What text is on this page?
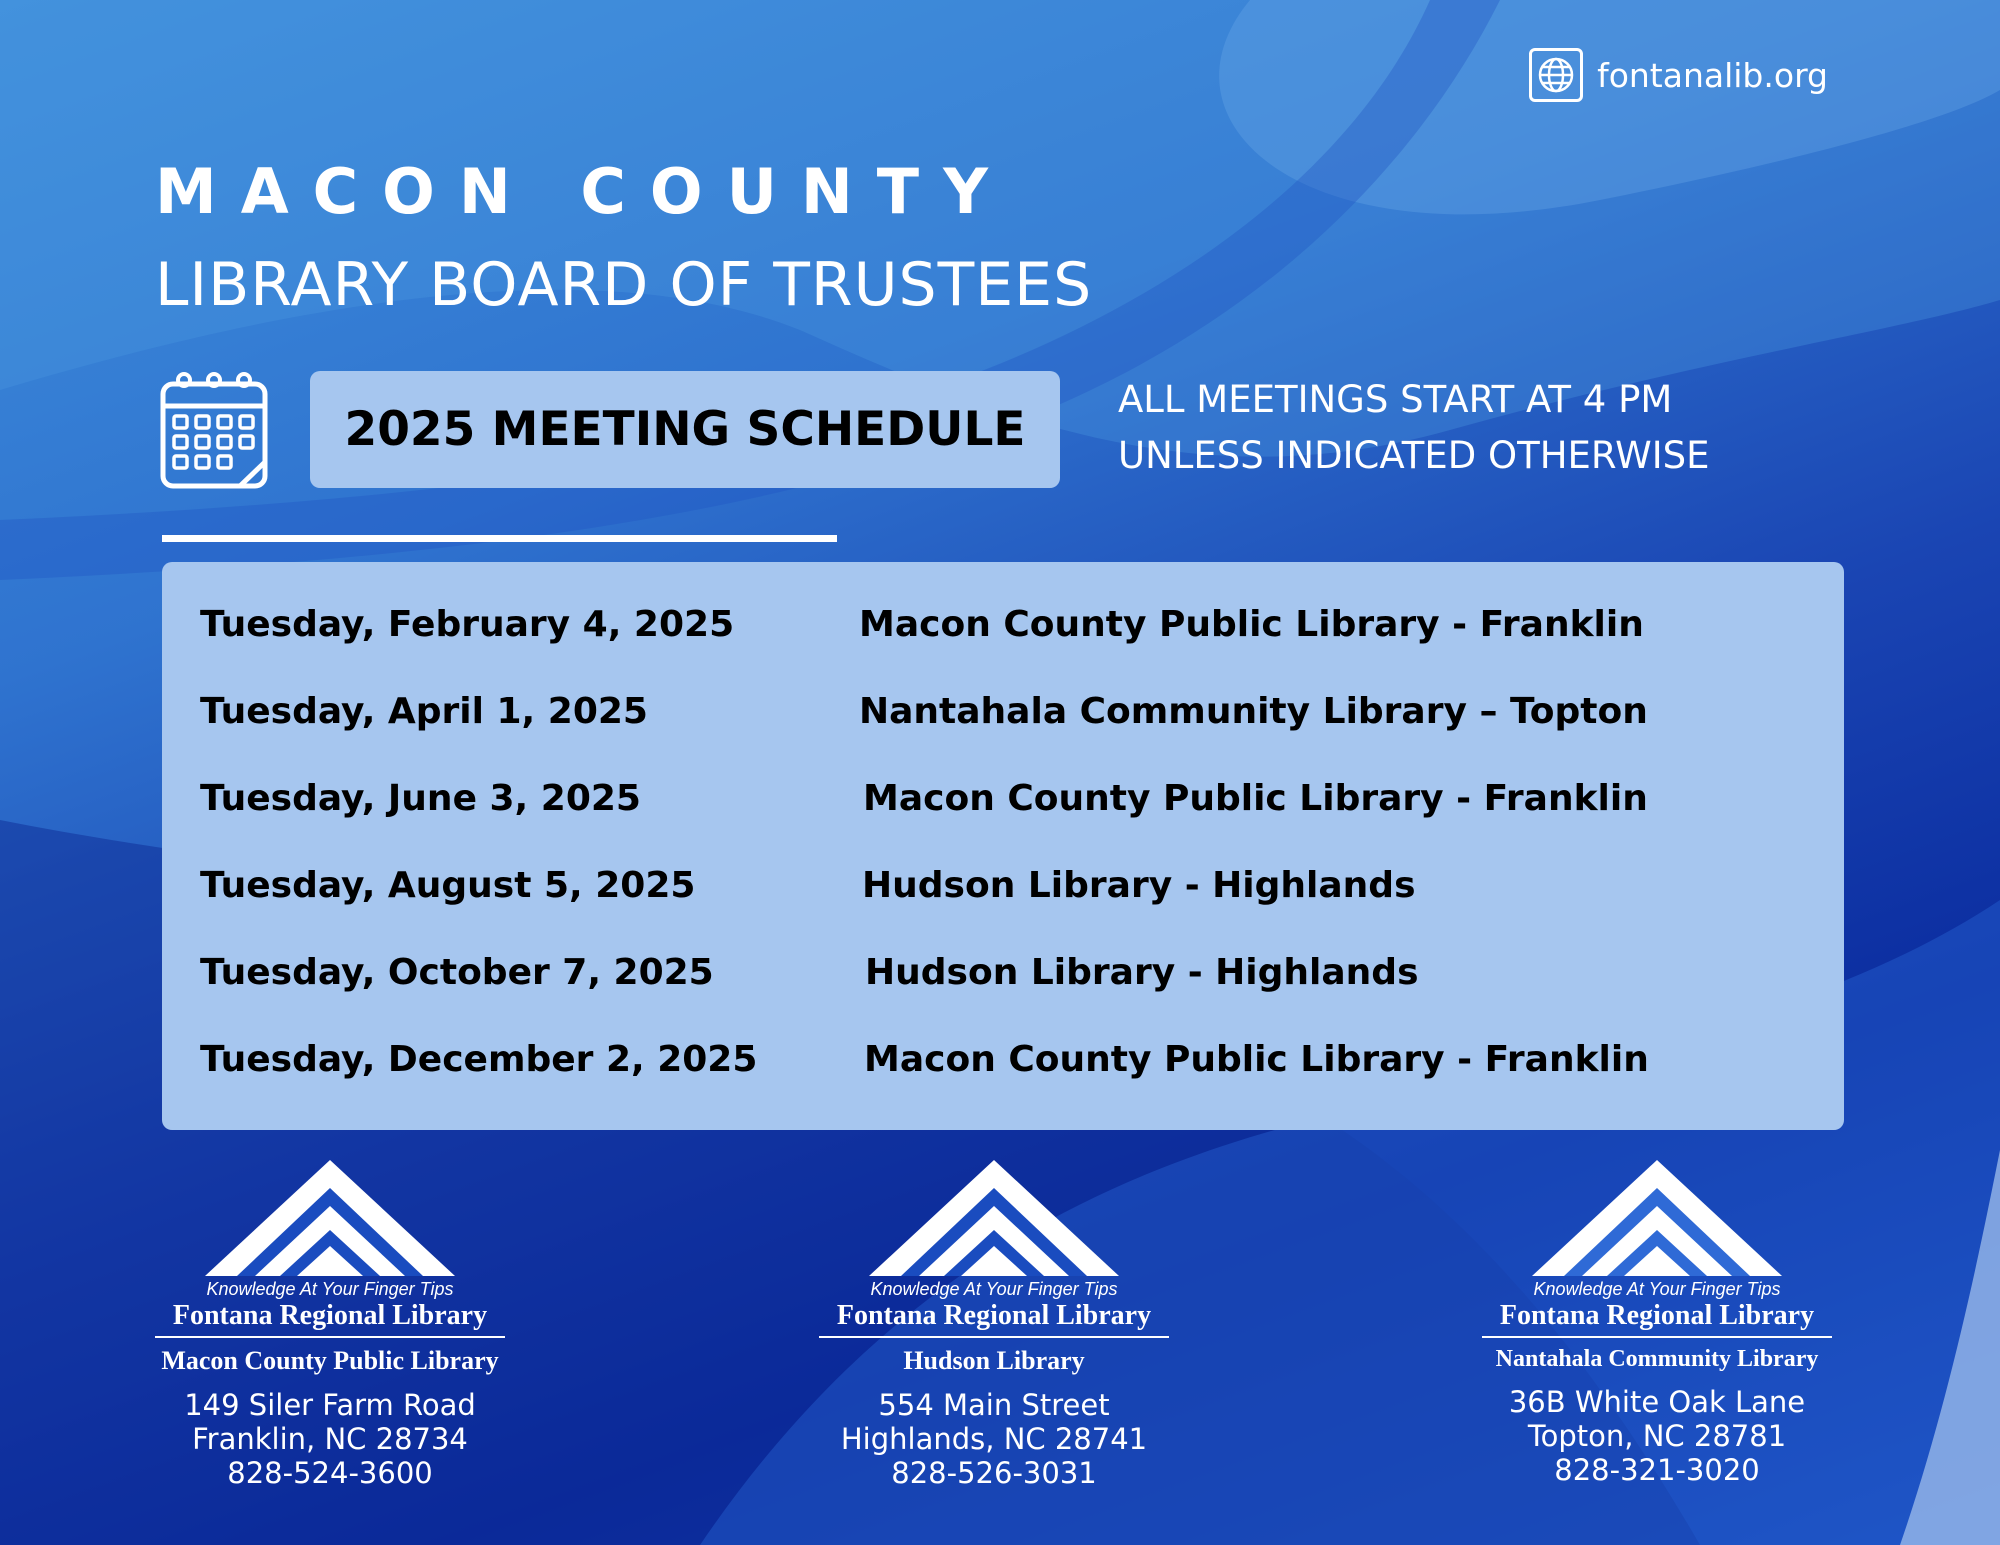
fontanalib.org
MACON COUNTY
LIBRARY BOARD OF TRUSTEES
2025 MEETING SCHEDULE
ALL MEETINGS START AT 4 PM
UNLESS INDICATED OTHERWISE
Tuesday, February 4, 2025	Macon County Public Library - Franklin
Tuesday, April 1, 2025	Nantahala Community Library – Topton
Tuesday, June 3, 2025	Macon County Public Library - Franklin
Tuesday, August 5, 2025	Hudson Library - Highlands
Tuesday, October 7, 2025	Hudson Library - Highlands
Tuesday, December 2, 2025	Macon County Public Library - Franklin
Knowledge At Your Finger Tips
Fontana Regional Library
Macon County Public Library
149 Siler Farm Road
Franklin, NC 28734
828-524-3600
Knowledge At Your Finger Tips
Fontana Regional Library
Hudson Library
554 Main Street
Highlands, NC 28741
828-526-3031
Knowledge At Your Finger Tips
Fontana Regional Library
Nantahala Community Library
36B White Oak Lane
Topton, NC 28781
828-321-3020
